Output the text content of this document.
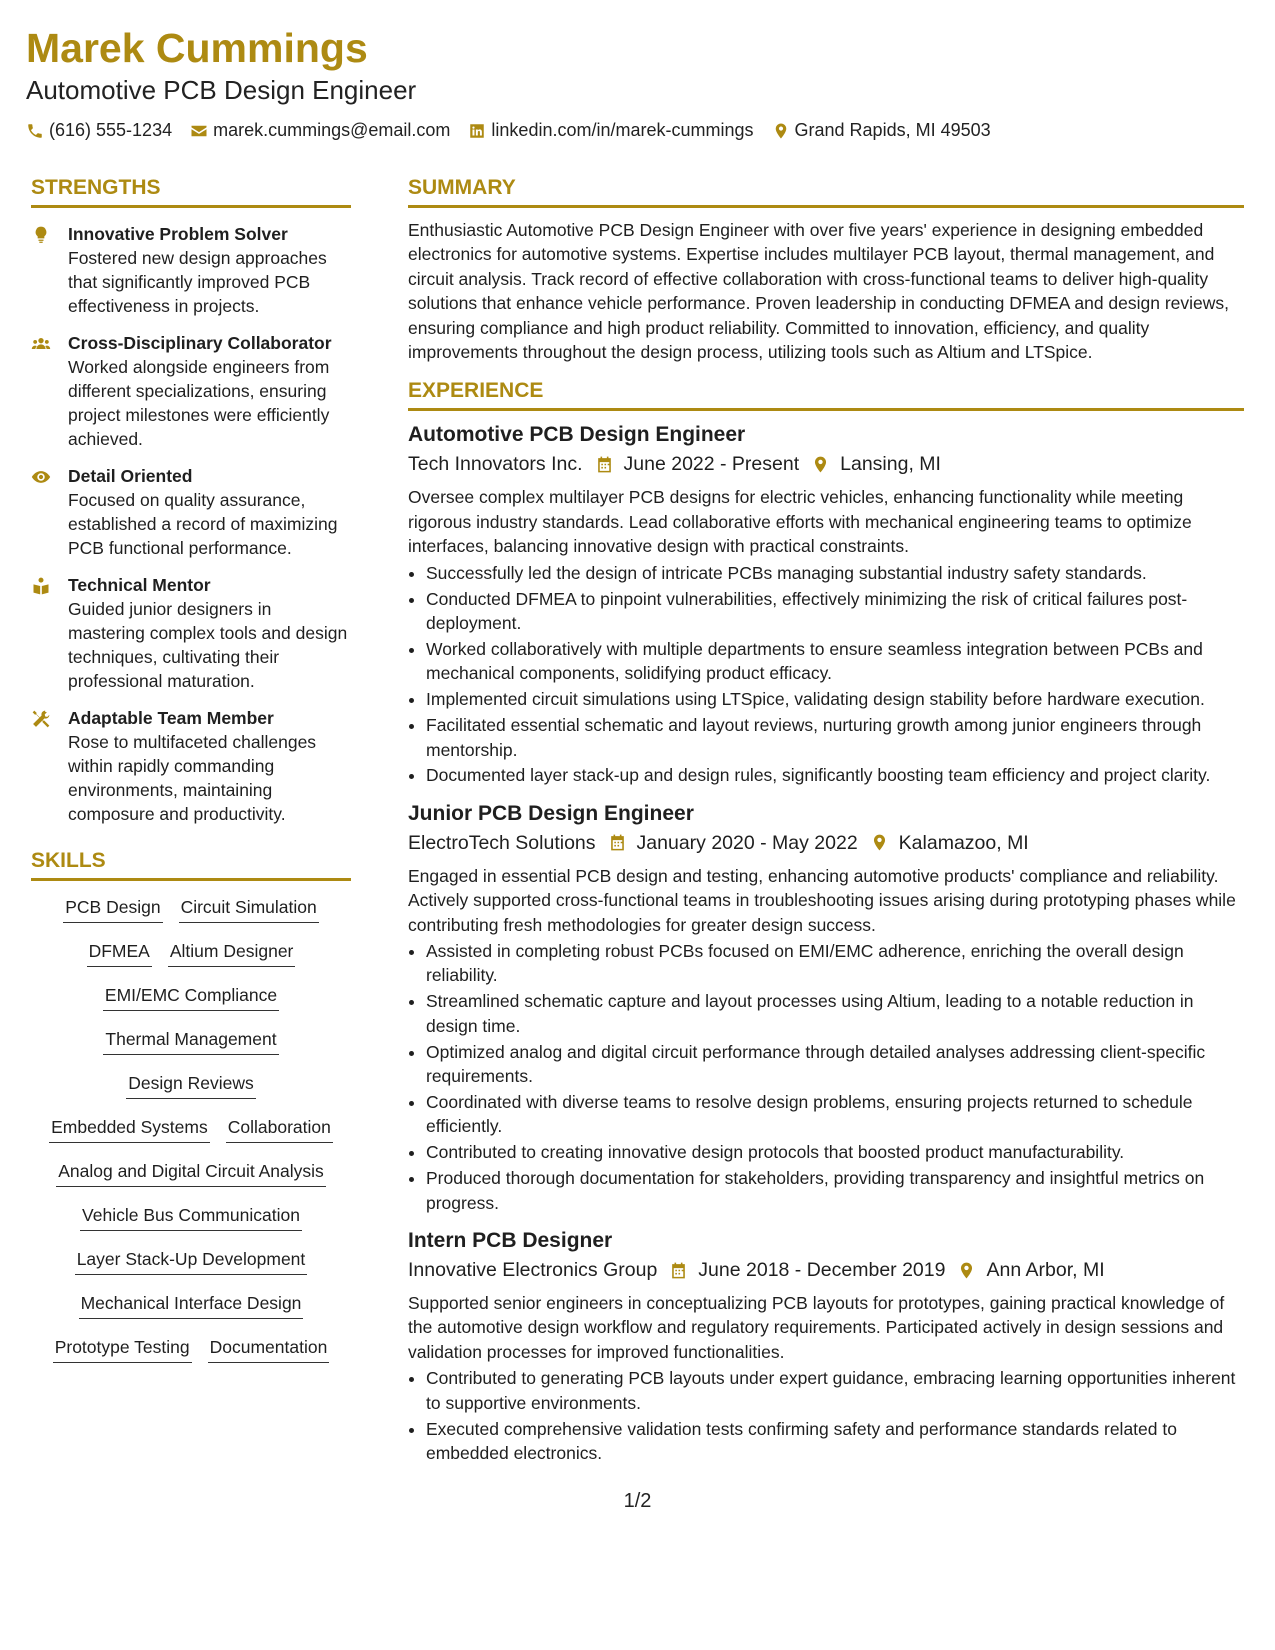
Marek Cummings
Automotive PCB Design Engineer
(616) 555-1234 marek.cummings@email.com linkedin.com/in/marek-cummings Grand Rapids, MI 49503
STRENGTHS
Innovative Problem Solver
Fostered new design approaches that significantly improved PCB effectiveness in projects.
Cross-Disciplinary Collaborator
Worked alongside engineers from different specializations, ensuring project milestones were efficiently achieved.
Detail Oriented
Focused on quality assurance, established a record of maximizing PCB functional performance.
Technical Mentor
Guided junior designers in mastering complex tools and design techniques, cultivating their professional maturation.
Adaptable Team Member
Rose to multifaceted challenges within rapidly commanding environments, maintaining composure and productivity.
SKILLS
PCB Design Circuit Simulation
DFMEA Altium Designer
EMI/EMC Compliance
Thermal Management
Design Reviews
Embedded Systems Collaboration
Analog and Digital Circuit Analysis
Vehicle Bus Communication
Layer Stack-Up Development
Mechanical Interface Design
Prototype Testing Documentation
SUMMARY
Enthusiastic Automotive PCB Design Engineer with over five years' experience in designing embedded electronics for automotive systems. Expertise includes multilayer PCB layout, thermal management, and circuit analysis. Track record of effective collaboration with cross-functional teams to deliver high-quality solutions that enhance vehicle performance. Proven leadership in conducting DFMEA and design reviews, ensuring compliance and high product reliability. Committed to innovation, efficiency, and quality improvements throughout the design process, utilizing tools such as Altium and LTSpice.
EXPERIENCE
Automotive PCB Design Engineer
Tech Innovators Inc. June 2022 - Present Lansing, MI
Oversee complex multilayer PCB designs for electric vehicles, enhancing functionality while meeting rigorous industry standards. Lead collaborative efforts with mechanical engineering teams to optimize interfaces, balancing innovative design with practical constraints.
• Successfully led the design of intricate PCBs managing substantial industry safety standards.
• Conducted DFMEA to pinpoint vulnerabilities, effectively minimizing the risk of critical failures post-deployment.
• Worked collaboratively with multiple departments to ensure seamless integration between PCBs and mechanical components, solidifying product efficacy.
• Implemented circuit simulations using LTSpice, validating design stability before hardware execution.
• Facilitated essential schematic and layout reviews, nurturing growth among junior engineers through mentorship.
• Documented layer stack-up and design rules, significantly boosting team efficiency and project clarity.
Junior PCB Design Engineer
ElectroTech Solutions January 2020 - May 2022 Kalamazoo, MI
Engaged in essential PCB design and testing, enhancing automotive products' compliance and reliability. Actively supported cross-functional teams in troubleshooting issues arising during prototyping phases while contributing fresh methodologies for greater design success.
• Assisted in completing robust PCBs focused on EMI/EMC adherence, enriching the overall design reliability.
• Streamlined schematic capture and layout processes using Altium, leading to a notable reduction in design time.
• Optimized analog and digital circuit performance through detailed analyses addressing client-specific requirements.
• Coordinated with diverse teams to resolve design problems, ensuring projects returned to schedule efficiently.
• Contributed to creating innovative design protocols that boosted product manufacturability.
• Produced thorough documentation for stakeholders, providing transparency and insightful metrics on progress.
Intern PCB Designer
Innovative Electronics Group June 2018 - December 2019 Ann Arbor, MI
Supported senior engineers in conceptualizing PCB layouts for prototypes, gaining practical knowledge of the automotive design workflow and regulatory requirements. Participated actively in design sessions and validation processes for improved functionalities.
• Contributed to generating PCB layouts under expert guidance, embracing learning opportunities inherent to supportive environments.
• Executed comprehensive validation tests confirming safety and performance standards related to embedded electronics.
1/2
